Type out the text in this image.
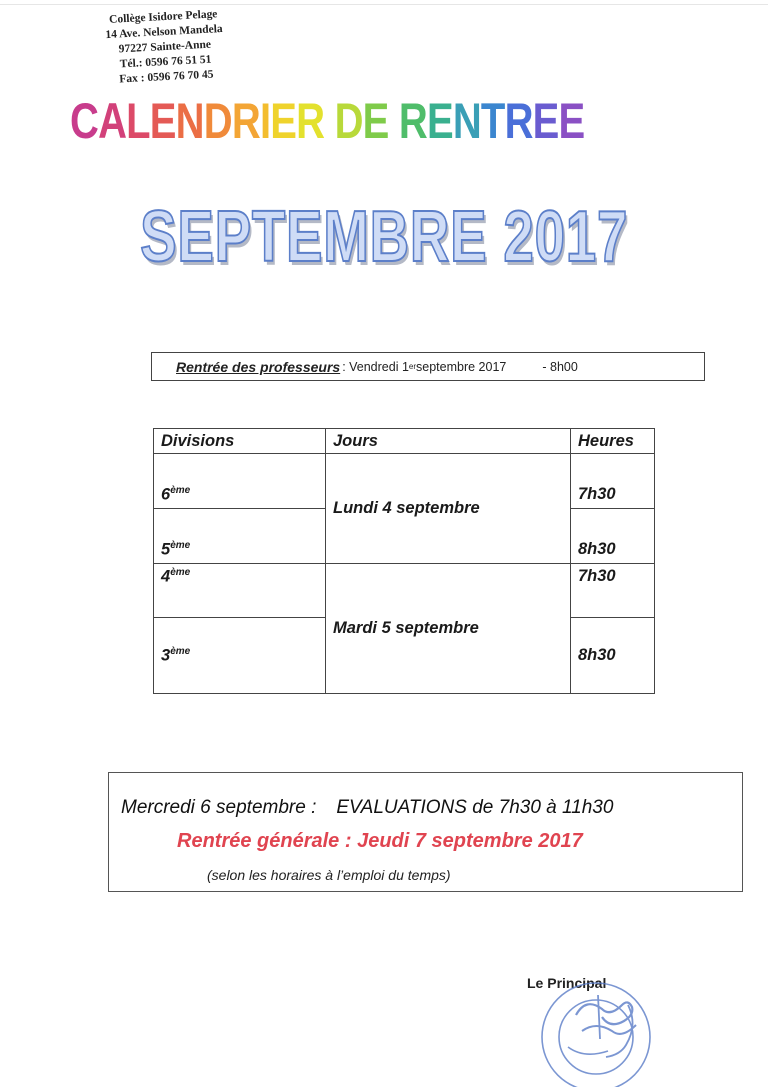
Collège Isidore Pelage
14 Ave. Nelson Mandela
97227 Sainte-Anne
Tél.: 0596 76 51 51
Fax : 0596 76 70 45
CALENDRIER DE RENTREE
SEPTEMBRE 2017
Rentrée des professeurs : Vendredi 1 er septembre 2017	- 8h00
Divisions	Jours	Heures
6ème	Lundi 4 septembre	7h30
5ème		8h30
4ème	Mardi 5 septembre	7h30
3ème		8h30
Mercredi 6 septembre : EVALUATIONS de 7h30 à 11h30
Rentrée générale : Jeudi 7 septembre 2017
(selon les horaires à l’emploi du temps)
Le Principal
